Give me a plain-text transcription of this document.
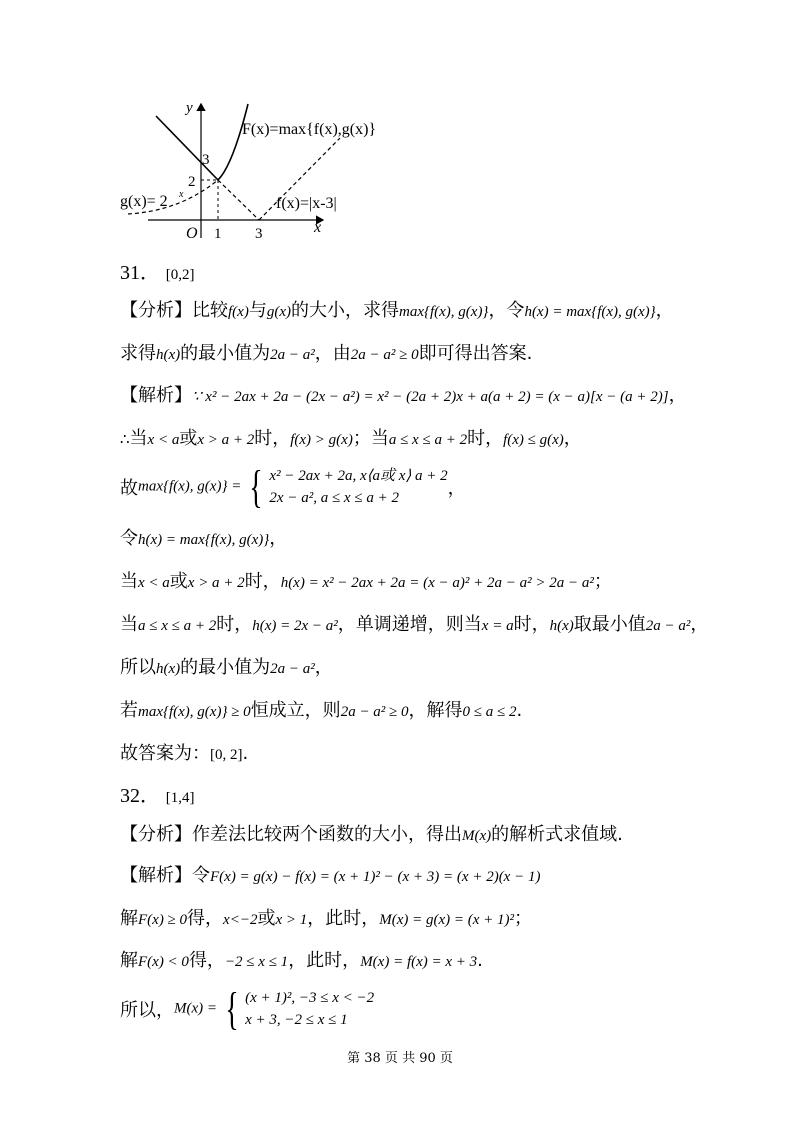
y
x
O
F(x)=max{f(x),g(x)}
g(x)= 2 x
f(x)=|x-3|
3
2
1 3
31． [0,2]
【分析】比较f(x)与g(x)的大小，求得max{f(x), g(x)}，令h(x) = max{f(x), g(x)}，
求得h(x)的最小值为2a − a²，由2a − a² ≥ 0即可得出答案.
【解析】∵ x² − 2ax + 2a − (2x − a²) = x² − (2a + 2)x + a(a + 2) = (x − a)[x − (a + 2)]，
∴当x < a或x > a + 2时，f(x) > g(x)；当a ≤ x ≤ a + 2时，f(x) ≤ g(x)，
故max{f(x), g(x)} = { x² − 2ax + 2a, x⟨a或 x⟩ a + 2
2x − a², a ≤ x ≤ a + 2	，
令h(x) = max{f(x), g(x)}，
当x < a或x > a + 2时，h(x) = x² − 2ax + 2a = (x − a)² + 2a − a² > 2a − a²；
当a ≤ x ≤ a + 2时，h(x) = 2x − a²，单调递增，则当x = a时，h(x)取最小值2a − a²，
所以h(x)的最小值为2a − a²，
若max{f(x), g(x)} ≥ 0恒成立，则2a − a² ≥ 0，解得0 ≤ a ≤ 2.
故答案为：[0, 2].
32． [1,4]
【分析】作差法比较两个函数的大小，得出M(x)的解析式求值域.
【解析】令F(x) = g(x) − f(x) = (x + 1)² − (x + 3) = (x + 2)(x − 1)
解F(x) ≥ 0得，x<−2或x > 1，此时，M(x) = g(x) = (x + 1)²；
解F(x) < 0得，−2 ≤ x ≤ 1，此时，M(x) = f(x) = x + 3.
所以，M(x) = { (x + 1)², −3 ≤ x < −2
x + 3, −2 ≤ x ≤ 1
第 38 页 共 90 页
